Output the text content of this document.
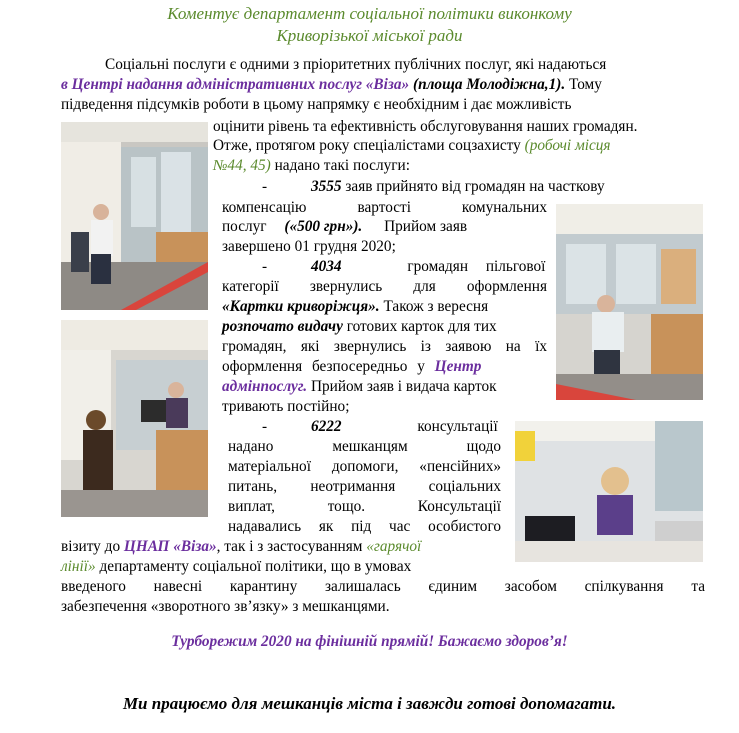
Коментує департамент соціальної політики виконкому
Криворізької міської ради
Соціальні послуги є одними з пріоритетних публічних послуг, які надаються
в Центрі надання адміністративних послуг «Віза» (площа Молодіжна,1). Тому
підведення підсумків роботи в цьому напрямку є необхідним і дає можливість
оцінити рівень та ефективність обслуговування наших громадян.
Отже, протягом року спеціалістами соцзахисту (робочі місця
№44, 45) надано такі послуги:
-	3555 заяв прийнято від громадян на часткову
компенсацію вартості комунальних
послуг («500 грн»). Прийом заяв
завершено 01 грудня 2020;
-	4034	громадян пільгової
категорії звернулись для оформлення
«Картки криворіжця». Також з вересня
розпочато видачу готових карток для тих
громадян, які звернулись із заявою на їх
оформлення безпосередньо у Центр
адмінпослуг. Прийом заяв і видача карток
тривають постійно;
-	6222	консультації
надано мешканцям щодо
матеріальної допомоги, «пенсійних»
питань, неотримання соціальних
виплат, тощо. Консультації
надавались як під час особистого
візиту до ЦНАП «Віза», так і з застосуванням «гарячої
лінії» департаменту соціальної політики, що в умовах
введеного навесні карантину залишалась єдиним засобом спілкування та
забезпечення «зворотного зв’язку» з мешканцями.
Турборежим 2020 на фінішній прямій! Бажаємо здоров’я!
Ми працюємо для мешканців міста і завжди готові допомагати.
